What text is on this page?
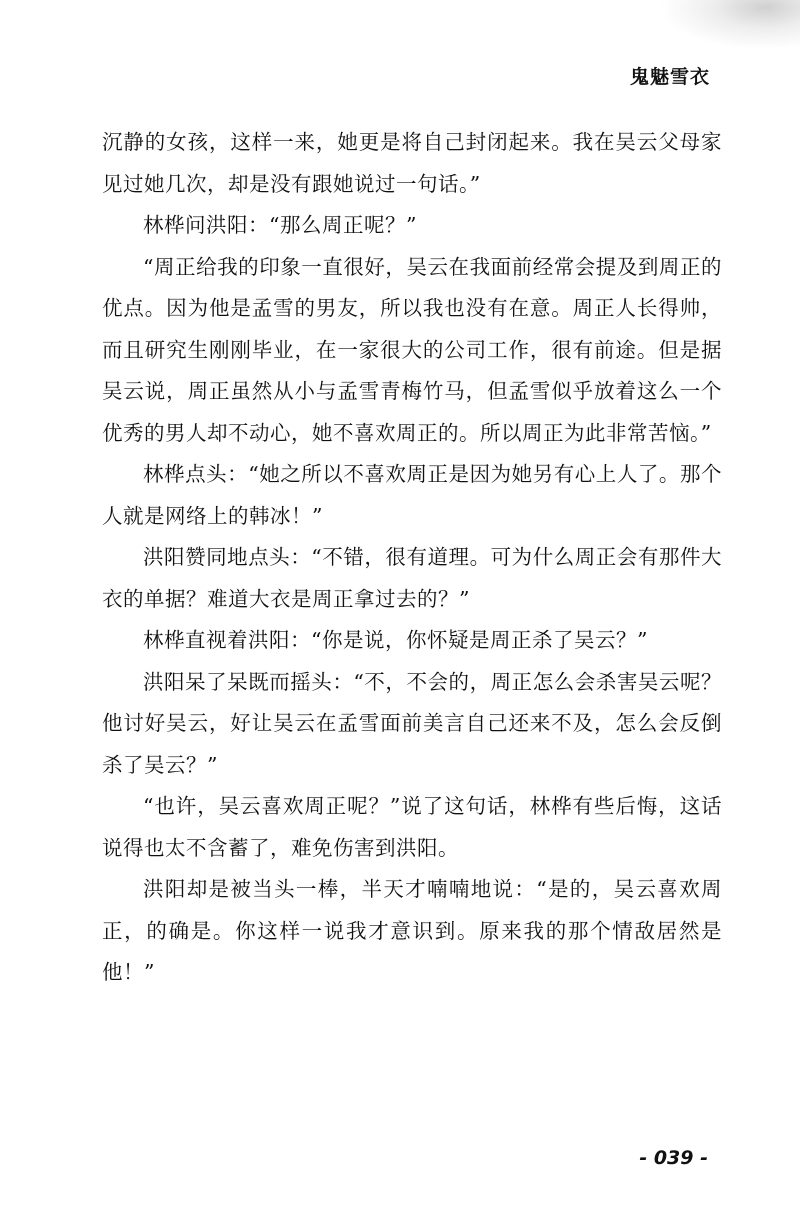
鬼魅雪衣

沉静的女孩，这样一来，她更是将自己封闭起来。我在吴云父母家见过她几次，却是没有跟她说过一句话。”

林桦问洪阳：“那么周正呢？”

“周正给我的印象一直很好，吴云在我面前经常会提及到周正的优点。因为他是孟雪的男友，所以我也没有在意。周正人长得帅，而且研究生刚刚毕业，在一家很大的公司工作，很有前途。但是据吴云说，周正虽然从小与孟雪青梅竹马，但孟雪似乎放着这么一个优秀的男人却不动心，她不喜欢周正的。所以周正为此非常苦恼。”

林桦点头：“她之所以不喜欢周正是因为她另有心上人了。那个人就是网络上的韩冰！”

洪阳赞同地点头：“不错，很有道理。可为什么周正会有那件大衣的单据？难道大衣是周正拿过去的？”

林桦直视着洪阳：“你是说，你怀疑是周正杀了吴云？”

洪阳呆了呆既而摇头：“不，不会的，周正怎么会杀害吴云呢？他讨好吴云，好让吴云在孟雪面前美言自己还来不及，怎么会反倒杀了吴云？”

“也许，吴云喜欢周正呢？”说了这句话，林桦有些后悔，这话说得也太不含蓄了，难免伤害到洪阳。

洪阳却是被当头一棒，半天才喃喃地说：“是的，吴云喜欢周正，的确是。你这样一说我才意识到。原来我的那个情敌居然是他！”

- 039 -
